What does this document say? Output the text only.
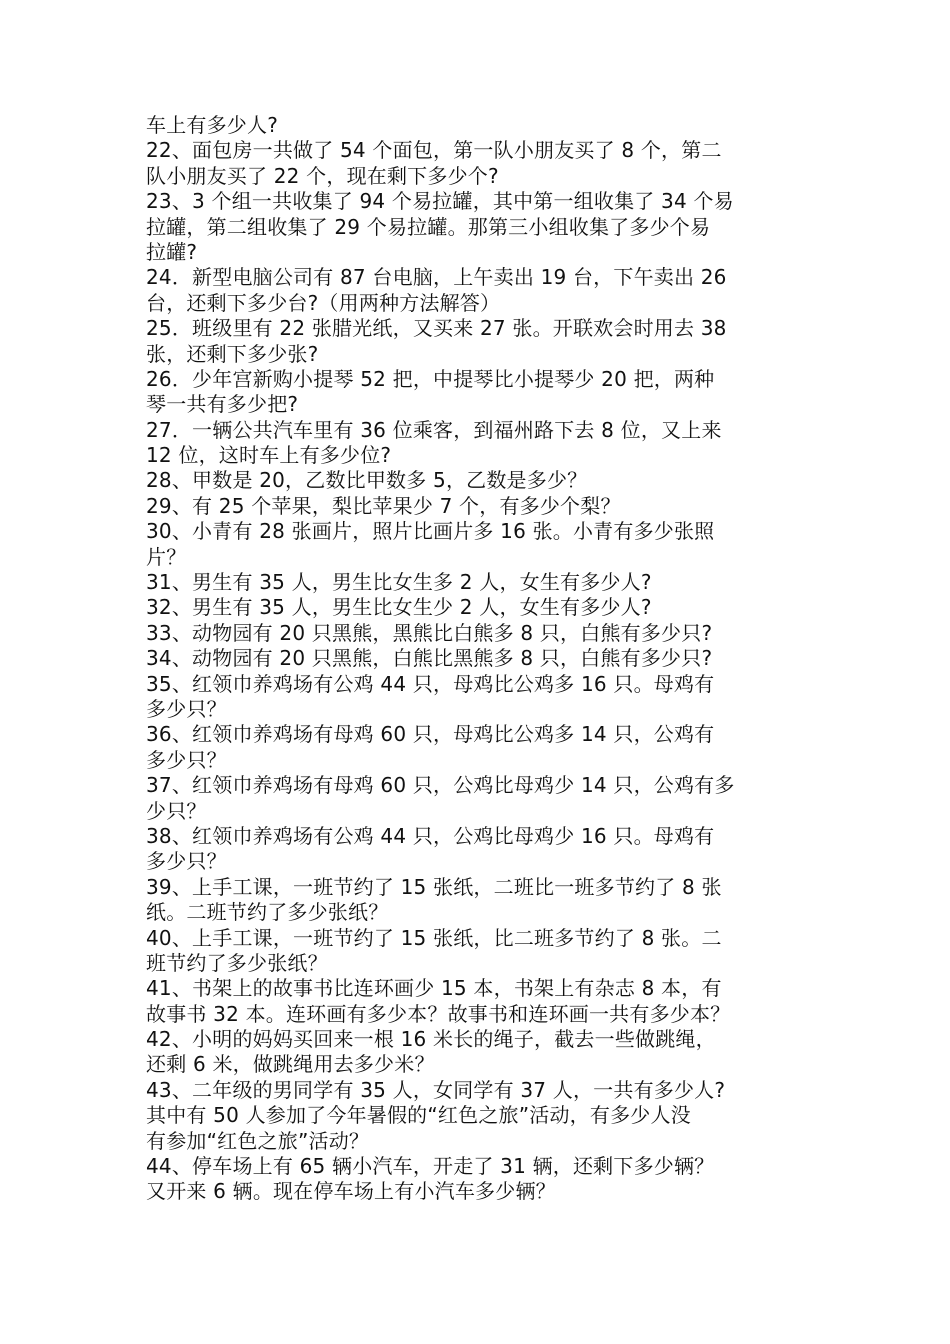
车上有多少人?
22、面包房一共做了 54 个面包，第一队小朋友买了 8 个，第二
队小朋友买了 22 个，现在剩下多少个?
23、3 个组一共收集了 94 个易拉罐，其中第一组收集了 34 个易
拉罐，第二组收集了 29 个易拉罐。那第三小组收集了多少个易
拉罐?
24．新型电脑公司有 87 台电脑，上午卖出 19 台，下午卖出 26
台，还剩下多少台?（用两种方法解答）
25．班级里有 22 张腊光纸，又买来 27 张。开联欢会时用去 38
张，还剩下多少张?
26．少年宫新购小提琴 52 把，中提琴比小提琴少 20 把，两种
琴一共有多少把?
27．一辆公共汽车里有 36 位乘客，到福州路下去 8 位，又上来
12 位，这时车上有多少位?
28、甲数是 20，乙数比甲数多 5，乙数是多少？
29、有 25 个苹果，梨比苹果少 7 个，有多少个梨？
30、小青有 28 张画片，照片比画片多 16 张。小青有多少张照
片？
31、男生有 35 人，男生比女生多 2 人，女生有多少人?
32、男生有 35 人，男生比女生少 2 人，女生有多少人?
33、动物园有 20 只黑熊，黑熊比白熊多 8 只，白熊有多少只?
34、动物园有 20 只黑熊，白熊比黑熊多 8 只，白熊有多少只?
35、红领巾养鸡场有公鸡 44 只，母鸡比公鸡多 16 只。母鸡有
多少只？
36、红领巾养鸡场有母鸡 60 只，母鸡比公鸡多 14 只，公鸡有
多少只？
37、红领巾养鸡场有母鸡 60 只，公鸡比母鸡少 14 只，公鸡有多
少只？
38、红领巾养鸡场有公鸡 44 只，公鸡比母鸡少 16 只。母鸡有
多少只？
39、上手工课，一班节约了 15 张纸，二班比一班多节约了 8 张
纸。二班节约了多少张纸？
40、上手工课，一班节约了 15 张纸，比二班多节约了 8 张。二
班节约了多少张纸？
41、书架上的故事书比连环画少 15 本，书架上有杂志 8 本，有
故事书 32 本。连环画有多少本？故事书和连环画一共有多少本？
42、小明的妈妈买回来一根 16 米长的绳子，截去一些做跳绳，
还剩 6 米，做跳绳用去多少米？
43、二年级的男同学有 35 人，女同学有 37 人，一共有多少人?
其中有 50 人参加了今年暑假的“红色之旅”活动，有多少人没
有参加“红色之旅”活动？
44、停车场上有 65 辆小汽车，开走了 31 辆，还剩下多少辆？
又开来 6 辆。现在停车场上有小汽车多少辆？
